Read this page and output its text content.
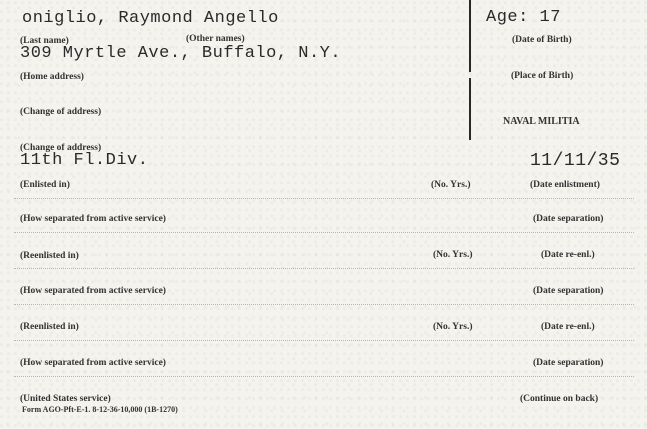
oniglio, Raymond Angello	Age: 17
(Last name)	(Other names)	(Date of Birth)
309 Myrtle Ave., Buffalo, N.Y.
(Home address)	(Place of Birth)
(Change of address)
NAVAL MILITIA
(Change of address)
11th Fl.Div.	11/11/35
(Enlisted in)	(No. Yrs.)	(Date enlistment)
(How separated from active service)	(Date separation)
(Reenlisted in)	(No. Yrs.)	(Date re-enl.)
(How separated from active service)	(Date separation)
(Reenlisted in)	(No. Yrs.)	(Date re-enl.)
(How separated from active service)	(Date separation)
(United States service)	(Continue on back)
Form AGO-Pft-E-1. 8-12-36-10,000 (1B-1270)
